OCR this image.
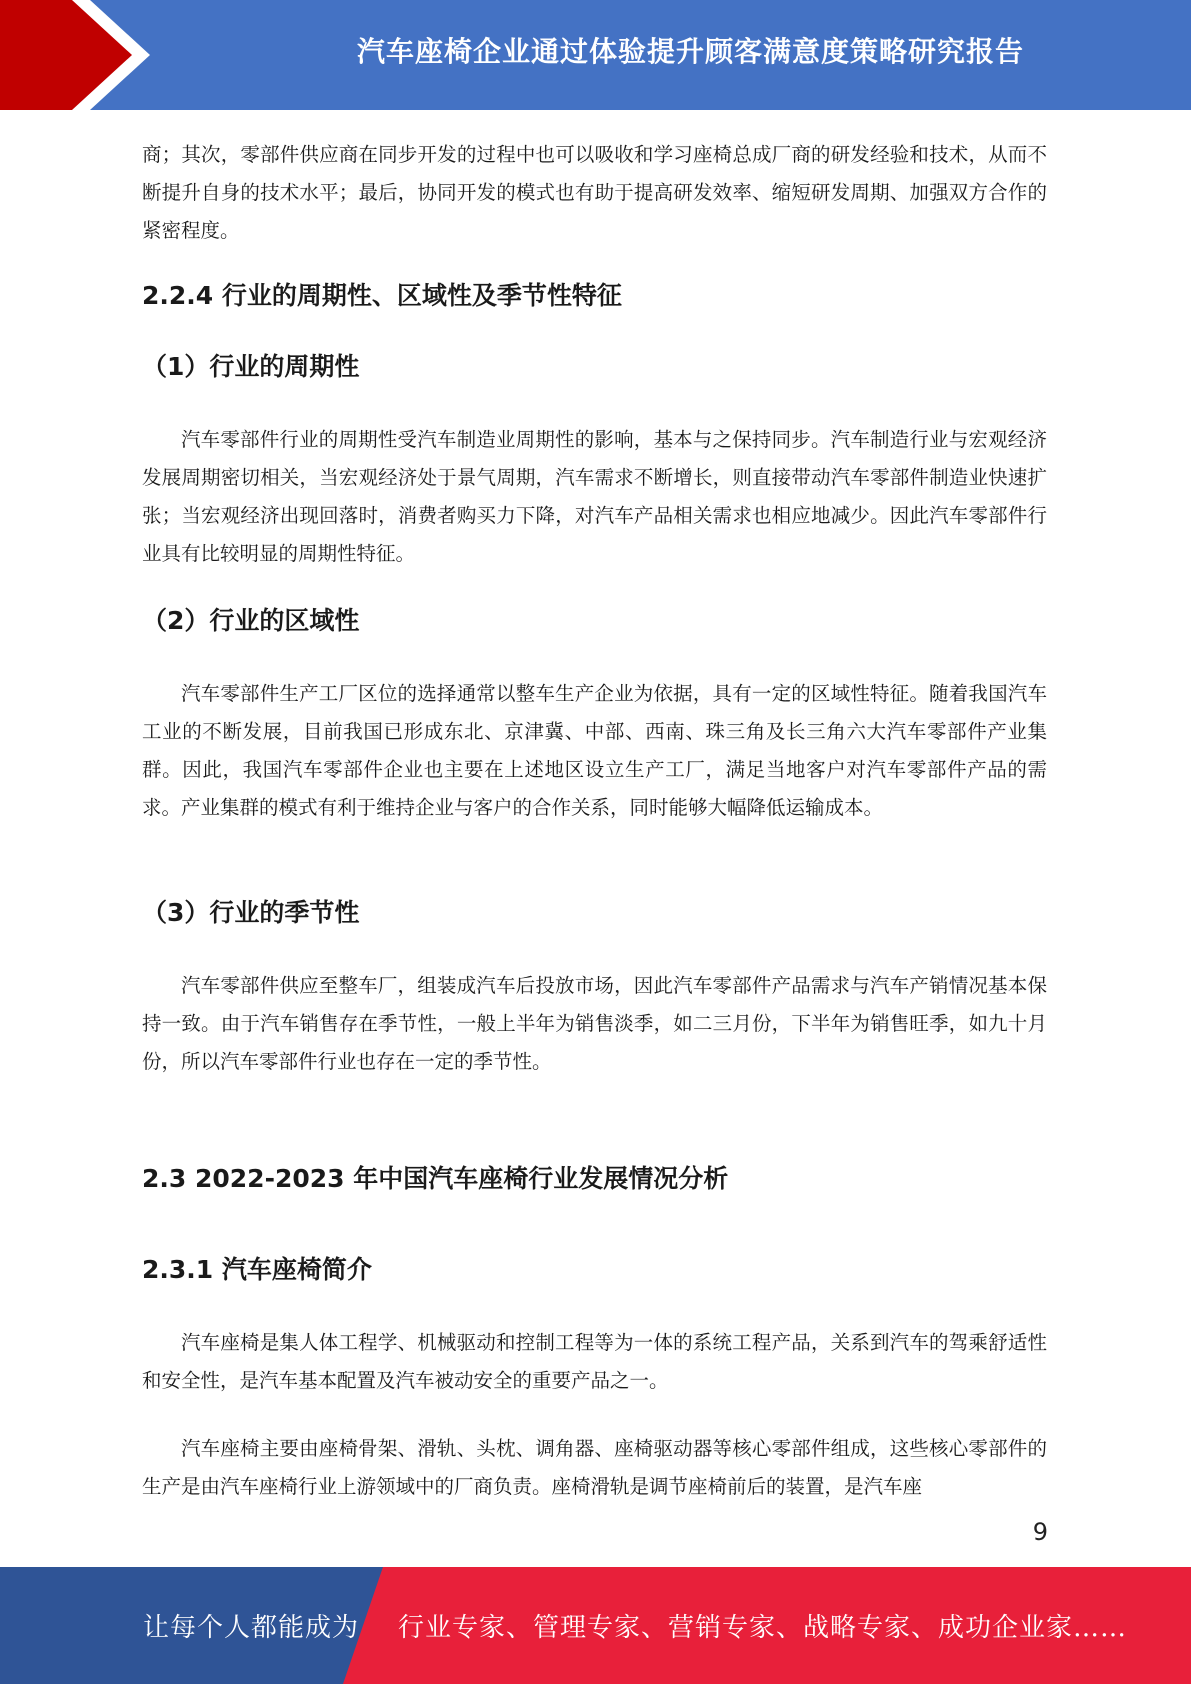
汽车座椅企业通过体验提升顾客满意度策略研究报告

商；其次，零部件供应商在同步开发的过程中也可以吸收和学习座椅总成厂商的研发经验和技术，从而不断提升自身的技术水平；最后，协同开发的模式也有助于提高研发效率、缩短研发周期、加强双方合作的紧密程度。

2.2.4 行业的周期性、区域性及季节性特征
（1）行业的周期性

汽车零部件行业的周期性受汽车制造业周期性的影响，基本与之保持同步。汽车制造行业与宏观经济发展周期密切相关，当宏观经济处于景气周期，汽车需求不断增长，则直接带动汽车零部件制造业快速扩张；当宏观经济出现回落时，消费者购买力下降，对汽车产品相关需求也相应地减少。因此汽车零部件行业具有比较明显的周期性特征。

（2）行业的区域性

汽车零部件生产工厂区位的选择通常以整车生产企业为依据，具有一定的区域性特征。随着我国汽车工业的不断发展，目前我国已形成东北、京津冀、中部、西南、珠三角及长三角六大汽车零部件产业集群。因此，我国汽车零部件企业也主要在上述地区设立生产工厂，满足当地客户对汽车零部件产品的需求。产业集群的模式有利于维持企业与客户的合作关系，同时能够大幅降低运输成本。

（3）行业的季节性

汽车零部件供应至整车厂，组装成汽车后投放市场，因此汽车零部件产品需求与汽车产销情况基本保持一致。由于汽车销售存在季节性，一般上半年为销售淡季，如二三月份，下半年为销售旺季，如九十月份，所以汽车零部件行业也存在一定的季节性。

2.3 2022-2023 年中国汽车座椅行业发展情况分析
2.3.1 汽车座椅简介

汽车座椅是集人体工程学、机械驱动和控制工程等为一体的系统工程产品，关系到汽车的驾乘舒适性和安全性，是汽车基本配置及汽车被动安全的重要产品之一。

汽车座椅主要由座椅骨架、滑轨、头枕、调角器、座椅驱动器等核心零部件组成，这些核心零部件的生产是由汽车座椅行业上游领域中的厂商负责。座椅滑轨是调节座椅前后的装置，是汽车座

9
让每个人都能成为 行业专家、管理专家、营销专家、战略专家、成功企业家……
